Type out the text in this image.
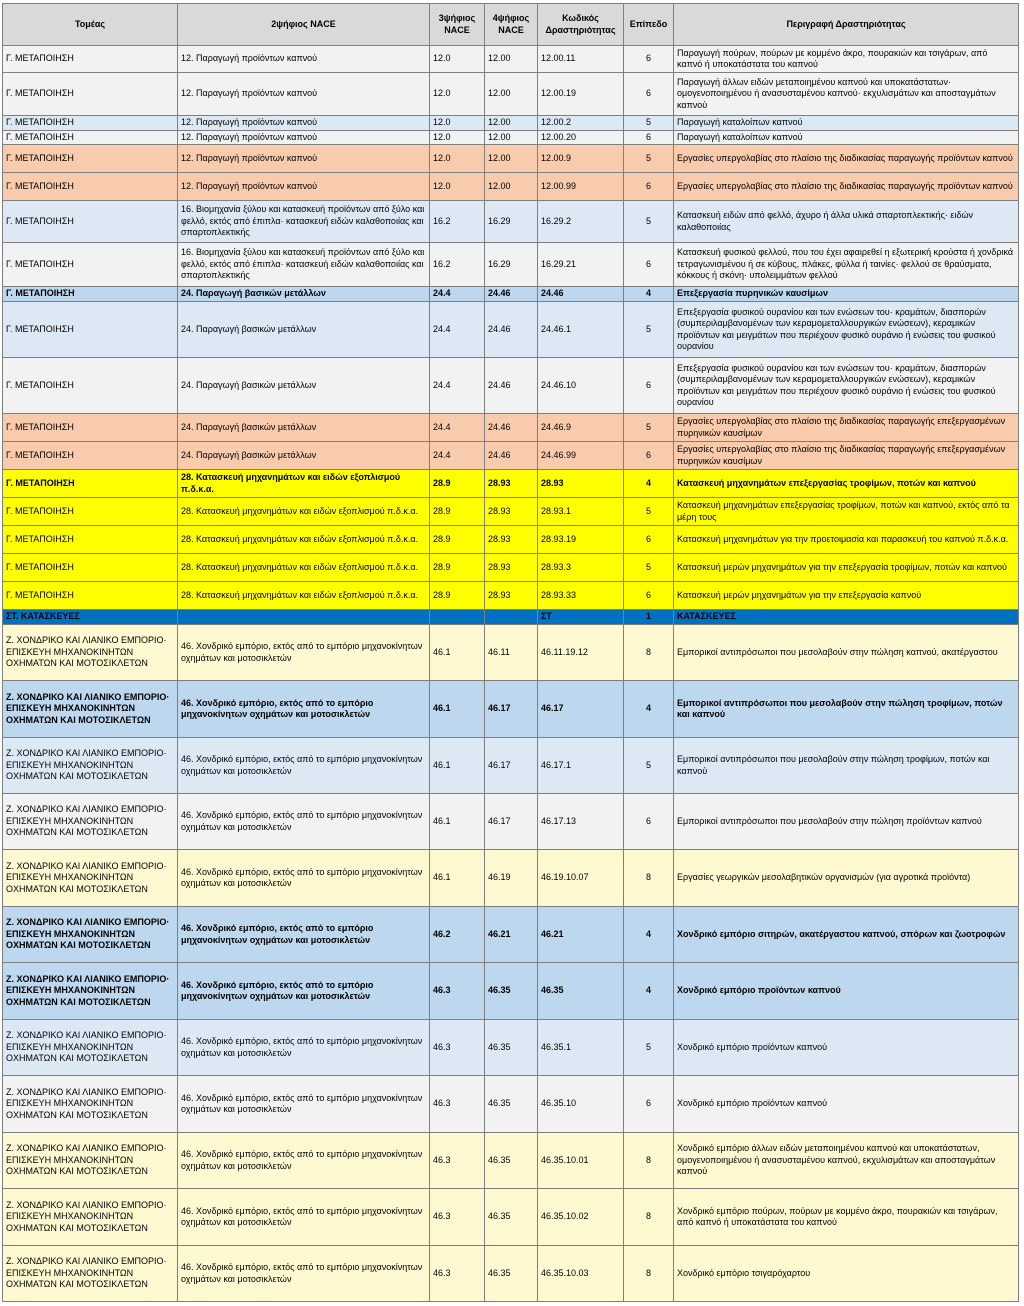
Τομέας	2ψήφιος NACE	3ψήφιος NACE	4ψήφιος NACE	Κωδικός Δραστηριότητας	Επίπεδο	Περιγραφή Δραστηριότητας
Γ. ΜΕΤΑΠΟΙΗΣΗ	12. Παραγωγή προϊόντων καπνού	12.0	12.00	12.00.11	6	Παραγωγή πούρων, πούρων με κομμένο άκρο, πουρακιών και τσιγάρων, από καπνό ή υποκατάστατα του καπνού
Γ. ΜΕΤΑΠΟΙΗΣΗ	12. Παραγωγή προϊόντων καπνού	12.0	12.00	12.00.19	6	Παραγωγή άλλων ειδών μεταποιημένου καπνού και υποκατάστατων· ομογενοποιημένου ή ανασυσταμένου καπνού· εκχυλισμάτων και αποσταγμάτων καπνού
Γ. ΜΕΤΑΠΟΙΗΣΗ	12. Παραγωγή προϊόντων καπνού	12.0	12.00	12.00.2	5	Παραγωγή καταλοίπων καπνού
Γ. ΜΕΤΑΠΟΙΗΣΗ	12. Παραγωγή προϊόντων καπνού	12.0	12.00	12.00.20	6	Παραγωγή καταλοίπων καπνού
Γ. ΜΕΤΑΠΟΙΗΣΗ	12. Παραγωγή προϊόντων καπνού	12.0	12.00	12.00.9	5	Εργασίες υπεργολαβίας στο πλαίσιο της διαδικασίας παραγωγής προϊόντων καπνού
Γ. ΜΕΤΑΠΟΙΗΣΗ	12. Παραγωγή προϊόντων καπνού	12.0	12.00	12.00.99	6	Εργασίες υπεργολαβίας στο πλαίσιο της διαδικασίας παραγωγής προϊόντων καπνού
Γ. ΜΕΤΑΠΟΙΗΣΗ	16. Βιομηχανία ξύλου και κατασκευή προϊόντων από ξύλο και φελλό, εκτός από έπιπλα· κατασκευή ειδών καλαθοποιίας και σπαρτοπλεκτικής	16.2	16.29	16.29.2	5	Κατασκευή ειδών από φελλό, άχυρο ή άλλα υλικά σπαρτοπλεκτικής· ειδών καλαθοποιίας
Γ. ΜΕΤΑΠΟΙΗΣΗ	16. Βιομηχανία ξύλου και κατασκευή προϊόντων από ξύλο και φελλό, εκτός από έπιπλα· κατασκευή ειδών καλαθοποιίας και σπαρτοπλεκτικής	16.2	16.29	16.29.21	6	Κατασκευή φυσικού φελλού, που του έχει αφαιρεθεί η εξωτερική κρούστα ή χονδρικά τετραγωνισμένου ή σε κύβους, πλάκες, φύλλα ή ταινίες· φελλού σε θραύσματα, κόκκους ή σκόνη· υπολειμμάτων φελλού
Γ. ΜΕΤΑΠΟΙΗΣΗ	24. Παραγωγή βασικών μετάλλων	24.4	24.46	24.46	4	Επεξεργασία πυρηνικών καυσίμων
Γ. ΜΕΤΑΠΟΙΗΣΗ	24. Παραγωγή βασικών μετάλλων	24.4	24.46	24.46.1	5	Επεξεργασία φυσικού ουρανίου και των ενώσεων του· κραμάτων, διασπορών (συμπεριλαμβανομένων των κεραμομεταλλουργικών ενώσεων), κεραμικών προϊόντων και μειγμάτων που περιέχουν φυσικό ουράνιο ή ενώσεις του φυσικού ουρανίου
Γ. ΜΕΤΑΠΟΙΗΣΗ	24. Παραγωγή βασικών μετάλλων	24.4	24.46	24.46.10	6	Επεξεργασία φυσικού ουρανίου και των ενώσεων του· κραμάτων, διασπορών (συμπεριλαμβανομένων των κεραμομεταλλουργικών ενώσεων), κεραμικών προϊόντων και μειγμάτων που περιέχουν φυσικό ουράνιο ή ενώσεις του φυσικού ουρανίου
Γ. ΜΕΤΑΠΟΙΗΣΗ	24. Παραγωγή βασικών μετάλλων	24.4	24.46	24.46.9	5	Εργασίες υπεργολαβίας στο πλαίσιο της διαδικασίας παραγωγής επεξεργασμένων πυρηνικών καυσίμων
Γ. ΜΕΤΑΠΟΙΗΣΗ	24. Παραγωγή βασικών μετάλλων	24.4	24.46	24.46.99	6	Εργασίες υπεργολαβίας στο πλαίσιο της διαδικασίας παραγωγής επεξεργασμένων πυρηνικών καυσίμων
Γ. ΜΕΤΑΠΟΙΗΣΗ	28. Κατασκευή μηχανημάτων και ειδών εξοπλισμού π.δ.κ.α.	28.9	28.93	28.93	4	Κατασκευή μηχανημάτων επεξεργασίας τροφίμων, ποτών και καπνού
Γ. ΜΕΤΑΠΟΙΗΣΗ	28. Κατασκευή μηχανημάτων και ειδών εξοπλισμού π.δ.κ.α.	28.9	28.93	28.93.1	5	Κατασκευή μηχανημάτων επεξεργασίας τροφίμων, ποτών και καπνού, εκτός από τα μέρη τους
Γ. ΜΕΤΑΠΟΙΗΣΗ	28. Κατασκευή μηχανημάτων και ειδών εξοπλισμού π.δ.κ.α.	28.9	28.93	28.93.19	6	Κατασκευή μηχανημάτων για την προετοιμασία και παρασκευή του καπνού π.δ.κ.α.
Γ. ΜΕΤΑΠΟΙΗΣΗ	28. Κατασκευή μηχανημάτων και ειδών εξοπλισμού π.δ.κ.α.	28.9	28.93	28.93.3	5	Κατασκευή μερών μηχανημάτων για την επεξεργασία τροφίμων, ποτών και καπνού
Γ. ΜΕΤΑΠΟΙΗΣΗ	28. Κατασκευή μηχανημάτων και ειδών εξοπλισμού π.δ.κ.α.	28.9	28.93	28.93.33	6	Κατασκευή μερών μηχανημάτων για την επεξεργασία καπνού
ΣΤ. ΚΑΤΑΣΚΕΥΕΣ				ΣΤ	1	ΚΑΤΑΣΚΕΥΕΣ
Ζ. ΧΟΝΔΡΙΚΟ ΚΑΙ ΛΙΑΝΙΚΟ ΕΜΠΟΡΙΟ· ΕΠΙΣΚΕΥΗ ΜΗΧΑΝΟΚΙΝΗΤΩΝ ΟΧΗΜΑΤΩΝ ΚΑΙ ΜΟΤΟΣΙΚΛΕΤΩΝ	46. Χονδρικό εμπόριο, εκτός από το εμπόριο μηχανοκίνητων οχημάτων και μοτοσικλετών	46.1	46.11	46.11.19.12	8	Εμπορικοί αντιπρόσωποι που μεσολαβούν στην πώληση καπνού, ακατέργαστου
Ζ. ΧΟΝΔΡΙΚΟ ΚΑΙ ΛΙΑΝΙΚΟ ΕΜΠΟΡΙΟ· ΕΠΙΣΚΕΥΗ ΜΗΧΑΝΟΚΙΝΗΤΩΝ ΟΧΗΜΑΤΩΝ ΚΑΙ ΜΟΤΟΣΙΚΛΕΤΩΝ	46. Χονδρικό εμπόριο, εκτός από το εμπόριο μηχανοκίνητων οχημάτων και μοτοσικλετών	46.1	46.17	46.17	4	Εμπορικοί αντιπρόσωποι που μεσολαβούν στην πώληση τροφίμων, ποτών και καπνού
Ζ. ΧΟΝΔΡΙΚΟ ΚΑΙ ΛΙΑΝΙΚΟ ΕΜΠΟΡΙΟ· ΕΠΙΣΚΕΥΗ ΜΗΧΑΝΟΚΙΝΗΤΩΝ ΟΧΗΜΑΤΩΝ ΚΑΙ ΜΟΤΟΣΙΚΛΕΤΩΝ	46. Χονδρικό εμπόριο, εκτός από το εμπόριο μηχανοκίνητων οχημάτων και μοτοσικλετών	46.1	46.17	46.17.1	5	Εμπορικοί αντιπρόσωποι που μεσολαβούν στην πώληση τροφίμων, ποτών και καπνού
Ζ. ΧΟΝΔΡΙΚΟ ΚΑΙ ΛΙΑΝΙΚΟ ΕΜΠΟΡΙΟ· ΕΠΙΣΚΕΥΗ ΜΗΧΑΝΟΚΙΝΗΤΩΝ ΟΧΗΜΑΤΩΝ ΚΑΙ ΜΟΤΟΣΙΚΛΕΤΩΝ	46. Χονδρικό εμπόριο, εκτός από το εμπόριο μηχανοκίνητων οχημάτων και μοτοσικλετών	46.1	46.17	46.17.13	6	Εμπορικοί αντιπρόσωποι που μεσολαβούν στην πώληση προϊόντων καπνού
Ζ. ΧΟΝΔΡΙΚΟ ΚΑΙ ΛΙΑΝΙΚΟ ΕΜΠΟΡΙΟ· ΕΠΙΣΚΕΥΗ ΜΗΧΑΝΟΚΙΝΗΤΩΝ ΟΧΗΜΑΤΩΝ ΚΑΙ ΜΟΤΟΣΙΚΛΕΤΩΝ	46. Χονδρικό εμπόριο, εκτός από το εμπόριο μηχανοκίνητων οχημάτων και μοτοσικλετών	46.1	46.19	46.19.10.07	8	Εργασίες γεωργικών μεσολαβητικών οργανισμών (για αγροτικά προϊόντα)
Ζ. ΧΟΝΔΡΙΚΟ ΚΑΙ ΛΙΑΝΙΚΟ ΕΜΠΟΡΙΟ· ΕΠΙΣΚΕΥΗ ΜΗΧΑΝΟΚΙΝΗΤΩΝ ΟΧΗΜΑΤΩΝ ΚΑΙ ΜΟΤΟΣΙΚΛΕΤΩΝ	46. Χονδρικό εμπόριο, εκτός από το εμπόριο μηχανοκίνητων οχημάτων και μοτοσικλετών	46.2	46.21	46.21	4	Χονδρικό εμπόριο σιτηρών, ακατέργαστου καπνού, σπόρων και ζωοτροφών
Ζ. ΧΟΝΔΡΙΚΟ ΚΑΙ ΛΙΑΝΙΚΟ ΕΜΠΟΡΙΟ· ΕΠΙΣΚΕΥΗ ΜΗΧΑΝΟΚΙΝΗΤΩΝ ΟΧΗΜΑΤΩΝ ΚΑΙ ΜΟΤΟΣΙΚΛΕΤΩΝ	46. Χονδρικό εμπόριο, εκτός από το εμπόριο μηχανοκίνητων οχημάτων και μοτοσικλετών	46.3	46.35	46.35	4	Χονδρικό εμπόριο προϊόντων καπνού
Ζ. ΧΟΝΔΡΙΚΟ ΚΑΙ ΛΙΑΝΙΚΟ ΕΜΠΟΡΙΟ· ΕΠΙΣΚΕΥΗ ΜΗΧΑΝΟΚΙΝΗΤΩΝ ΟΧΗΜΑΤΩΝ ΚΑΙ ΜΟΤΟΣΙΚΛΕΤΩΝ	46. Χονδρικό εμπόριο, εκτός από το εμπόριο μηχανοκίνητων οχημάτων και μοτοσικλετών	46.3	46.35	46.35.1	5	Χονδρικό εμπόριο προϊόντων καπνού
Ζ. ΧΟΝΔΡΙΚΟ ΚΑΙ ΛΙΑΝΙΚΟ ΕΜΠΟΡΙΟ· ΕΠΙΣΚΕΥΗ ΜΗΧΑΝΟΚΙΝΗΤΩΝ ΟΧΗΜΑΤΩΝ ΚΑΙ ΜΟΤΟΣΙΚΛΕΤΩΝ	46. Χονδρικό εμπόριο, εκτός από το εμπόριο μηχανοκίνητων οχημάτων και μοτοσικλετών	46.3	46.35	46.35.10	6	Χονδρικό εμπόριο προϊόντων καπνού
Ζ. ΧΟΝΔΡΙΚΟ ΚΑΙ ΛΙΑΝΙΚΟ ΕΜΠΟΡΙΟ· ΕΠΙΣΚΕΥΗ ΜΗΧΑΝΟΚΙΝΗΤΩΝ ΟΧΗΜΑΤΩΝ ΚΑΙ ΜΟΤΟΣΙΚΛΕΤΩΝ	46. Χονδρικό εμπόριο, εκτός από το εμπόριο μηχανοκίνητων οχημάτων και μοτοσικλετών	46.3	46.35	46.35.10.01	8	Χονδρικό εμπόριο άλλων ειδών μεταποιημένου καπνού και υποκατάστατων, ομογενοποιημένου ή ανασυσταμένου καπνού, εκχυλισμάτων και αποσταγμάτων καπνού
Ζ. ΧΟΝΔΡΙΚΟ ΚΑΙ ΛΙΑΝΙΚΟ ΕΜΠΟΡΙΟ· ΕΠΙΣΚΕΥΗ ΜΗΧΑΝΟΚΙΝΗΤΩΝ ΟΧΗΜΑΤΩΝ ΚΑΙ ΜΟΤΟΣΙΚΛΕΤΩΝ	46. Χονδρικό εμπόριο, εκτός από το εμπόριο μηχανοκίνητων οχημάτων και μοτοσικλετών	46.3	46.35	46.35.10.02	8	Χονδρικό εμπόριο πούρων, πούρων με κομμένο άκρο, πουρακιών και τσιγάρων, από καπνό ή υποκατάστατα του καπνού
Ζ. ΧΟΝΔΡΙΚΟ ΚΑΙ ΛΙΑΝΙΚΟ ΕΜΠΟΡΙΟ· ΕΠΙΣΚΕΥΗ ΜΗΧΑΝΟΚΙΝΗΤΩΝ ΟΧΗΜΑΤΩΝ ΚΑΙ ΜΟΤΟΣΙΚΛΕΤΩΝ	46. Χονδρικό εμπόριο, εκτός από το εμπόριο μηχανοκίνητων οχημάτων και μοτοσικλετών	46.3	46.35	46.35.10.03	8	Χονδρικό εμπόριο τσιγαρόχαρτου
